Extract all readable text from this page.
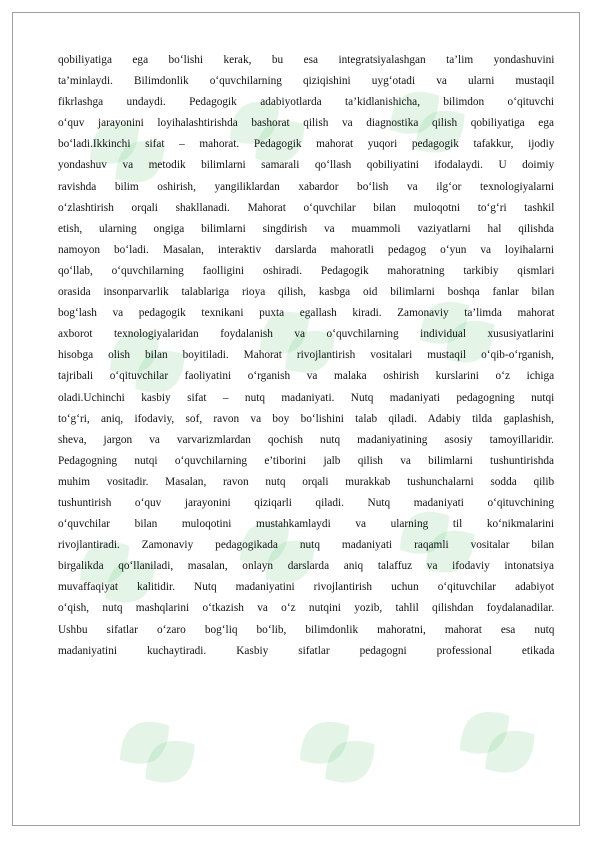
qobiliyatiga ega bo‘lishi kerak, bu esa integratsiyalashgan ta’lim yondashuvini
ta’minlaydi. Bilimdonlik o‘quvchilarning qiziqishini uyg‘otadi va ularni mustaqil
fikrlashga undaydi. Pedagogik adabiyotlarda ta’kidlanishicha, bilimdon o‘qituvchi
o‘quv jarayonini loyihalashtirishda bashorat qilish va diagnostika qilish qobiliyatiga ega
bo‘ladi.Ikkinchi sifat – mahorat. Pedagogik mahorat yuqori pedagogik tafakkur, ijodiy
yondashuv va metodik bilimlarni samarali qo‘llash qobiliyatini ifodalaydi. U doimiy
ravishda bilim oshirish, yangiliklardan xabardor bo‘lish va ilg‘or texnologiyalarni
o‘zlashtirish orqali shakllanadi. Mahorat o‘quvchilar bilan muloqotni to‘g‘ri tashkil
etish, ularning ongiga bilimlarni singdirish va muammoli vaziyatlarni hal qilishda
namoyon bo‘ladi. Masalan, interaktiv darslarda mahoratli pedagog o‘yun va loyihalarni
qo‘llab, o‘quvchilarning faolligini oshiradi. Pedagogik mahoratning tarkibiy qismlari
orasida insonparvarlik talablariga rioya qilish, kasbga oid bilimlarni boshqa fanlar bilan
bog‘lash va pedagogik texnikani puxta egallash kiradi. Zamonaviy ta’limda mahorat
axborot texnologiyalaridan foydalanish va o‘quvchilarning individual xususiyatlarini
hisobga olish bilan boyitiladi. Mahorat rivojlantirish vositalari mustaqil o‘qib-o‘rganish,
tajribali o‘qituvchilar faoliyatini o‘rganish va malaka oshirish kurslarini o‘z ichiga
oladi.Uchinchi kasbiy sifat – nutq madaniyati. Nutq madaniyati pedagogning nutqi
to‘g‘ri, aniq, ifodaviy, sof, ravon va boy bo‘lishini talab qiladi. Adabiy tilda gaplashish,
sheva, jargon va varvarizmlardan qochish nutq madaniyatining asosiy tamoyillaridir.
Pedagogning nutqi o‘quvchilarning e’tiborini jalb qilish va bilimlarni tushuntirishda
muhim vositadir. Masalan, ravon nutq orqali murakkab tushunchalarni sodda qilib
tushuntirish o‘quv jarayonini qiziqarli qiladi. Nutq madaniyati o‘qituvchining
o‘quvchilar bilan muloqotini mustahkamlaydi va ularning til ko‘nikmalarini
rivojlantiradi. Zamonaviy pedagogikada nutq madaniyati raqamli vositalar bilan
birgalikda qo‘llaniladi, masalan, onlayn darslarda aniq talaffuz va ifodaviy intonatsiya
muvaffaqiyat kalitidir. Nutq madaniyatini rivojlantirish uchun o‘qituvchilar adabiyot
o‘qish, nutq mashqlarini o‘tkazish va o‘z nutqini yozib, tahlil qilishdan foydalanadilar.
Ushbu sifatlar o‘zaro bog‘liq bo‘lib, bilimdonlik mahoratni, mahorat esa nutq
madaniyatini kuchaytiradi. Kasbiy sifatlar pedagogni professional etikada
